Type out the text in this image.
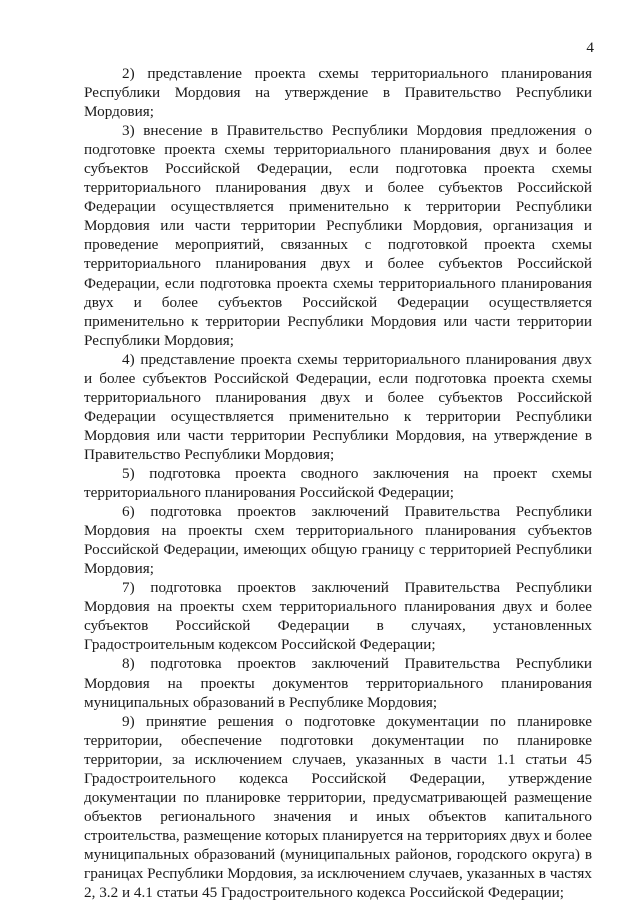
4

2) представление проекта схемы территориального планирования Республики Мордовия на утверждение в Правительство Республики Мордовия;

3) внесение в Правительство Республики Мордовия предложения о подготовке проекта схемы территориального планирования двух и более субъектов Российской Федерации, если подготовка проекта схемы территориального планирования двух и более субъектов Российской Федерации осуществляется применительно к территории Республики Мордовия или части территории Республики Мордовия, организация и проведение мероприятий, связанных с подготовкой проекта схемы территориального планирования двух и более субъектов Российской Федерации, если подготовка проекта схемы территориального планирования двух и более субъектов Российской Федерации осуществляется применительно к территории Республики Мордовия или части территории Республики Мордовия;

4) представление проекта схемы территориального планирования двух и более субъектов Российской Федерации, если подготовка проекта схемы территориального планирования двух и более субъектов Российской Федерации осуществляется применительно к территории Республики Мордовия или части территории Республики Мордовия, на утверждение в Правительство Республики Мордовия;

5) подготовка проекта сводного заключения на проект схемы территориального планирования Российской Федерации;

6) подготовка проектов заключений Правительства Республики Мордовия на проекты схем территориального планирования субъектов Российской Федерации, имеющих общую границу с территорией Республики Мордовия;

7) подготовка проектов заключений Правительства Республики Мордовия на проекты схем территориального планирования двух и более субъектов Российской Федерации в случаях, установленных Градостроительным кодексом Российской Федерации;

8) подготовка проектов заключений Правительства Республики Мордовия на проекты документов территориального планирования муниципальных образований в Республике Мордовия;

9) принятие решения о подготовке документации по планировке территории, обеспечение подготовки документации по планировке территории, за исключением случаев, указанных в части 1.1 статьи 45 Градостроительного кодекса Российской Федерации, утверждение документации по планировке территории, предусматривающей размещение объектов регионального значения и иных объектов капитального строительства, размещение которых планируется на территориях двух и более муниципальных образований (муниципальных районов, городского округа) в границах Республики Мордовия, за исключением случаев, указанных в частях 2, 3.2 и 4.1 статьи 45 Градостроительного кодекса Российской Федерации;
